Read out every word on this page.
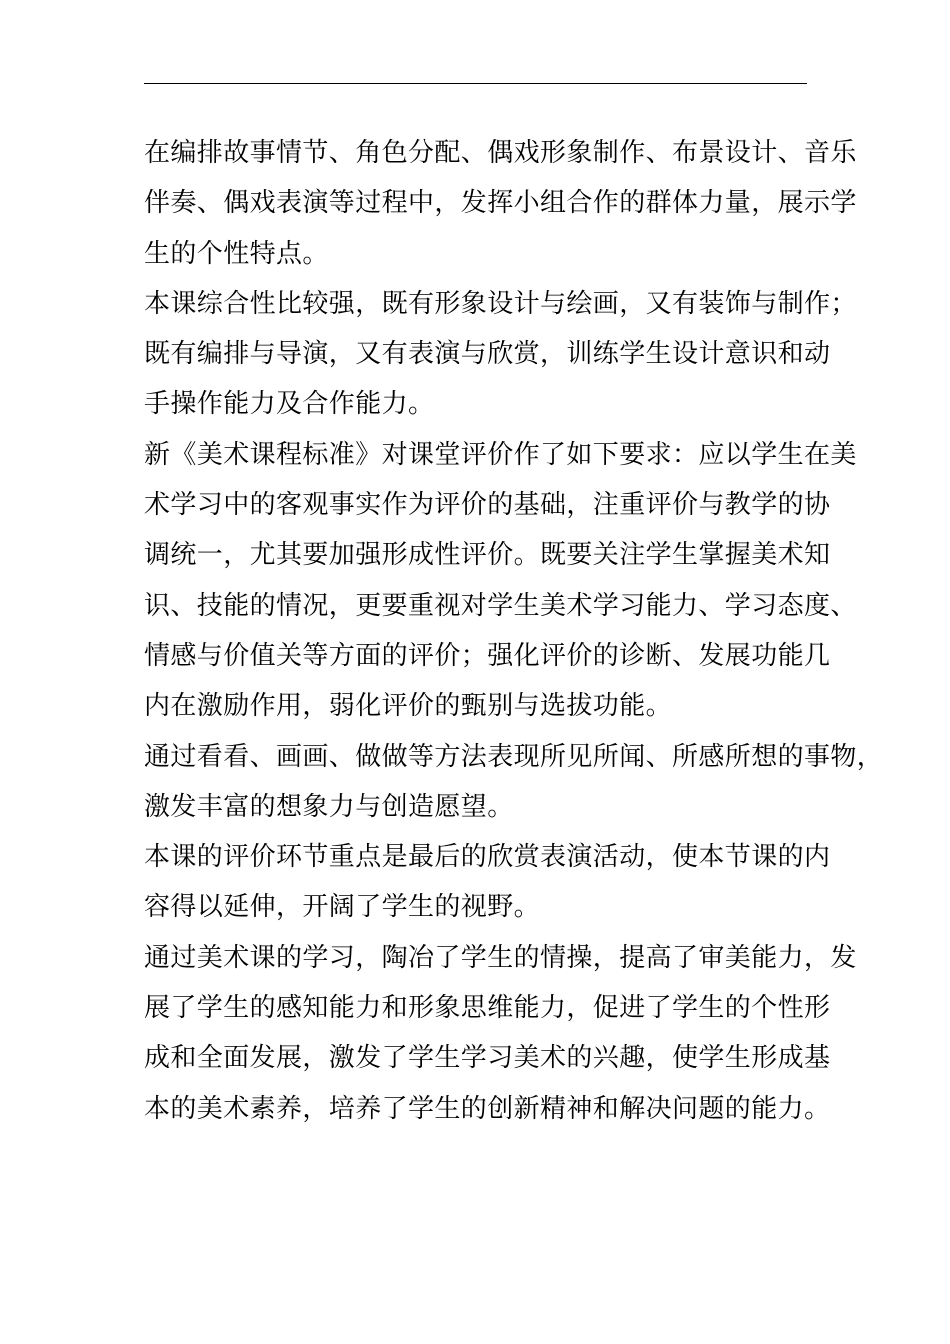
在编排故事情节、角色分配、偶戏形象制作、布景设计、音乐
伴奏、偶戏表演等过程中，发挥小组合作的群体力量，展示学
生的个性特点。
本课综合性比较强，既有形象设计与绘画，又有装饰与制作；
既有编排与导演，又有表演与欣赏，训练学生设计意识和动
手操作能力及合作能力。
新《美术课程标准》对课堂评价作了如下要求：应以学生在美
术学习中的客观事实作为评价的基础，注重评价与教学的协
调统一，尤其要加强形成性评价。既要关注学生掌握美术知
识、技能的情况，更要重视对学生美术学习能力、学习态度、
情感与价值关等方面的评价；强化评价的诊断、发展功能几
内在激励作用，弱化评价的甄别与选拔功能。
通过看看、画画、做做等方法表现所见所闻、所感所想的事物，
激发丰富的想象力与创造愿望。
本课的评价环节重点是最后的欣赏表演活动，使本节课的内
容得以延伸，开阔了学生的视野。
通过美术课的学习，陶冶了学生的情操，提高了审美能力，发
展了学生的感知能力和形象思维能力，促进了学生的个性形
成和全面发展，激发了学生学习美术的兴趣，使学生形成基
本的美术素养，培养了学生的创新精神和解决问题的能力。
